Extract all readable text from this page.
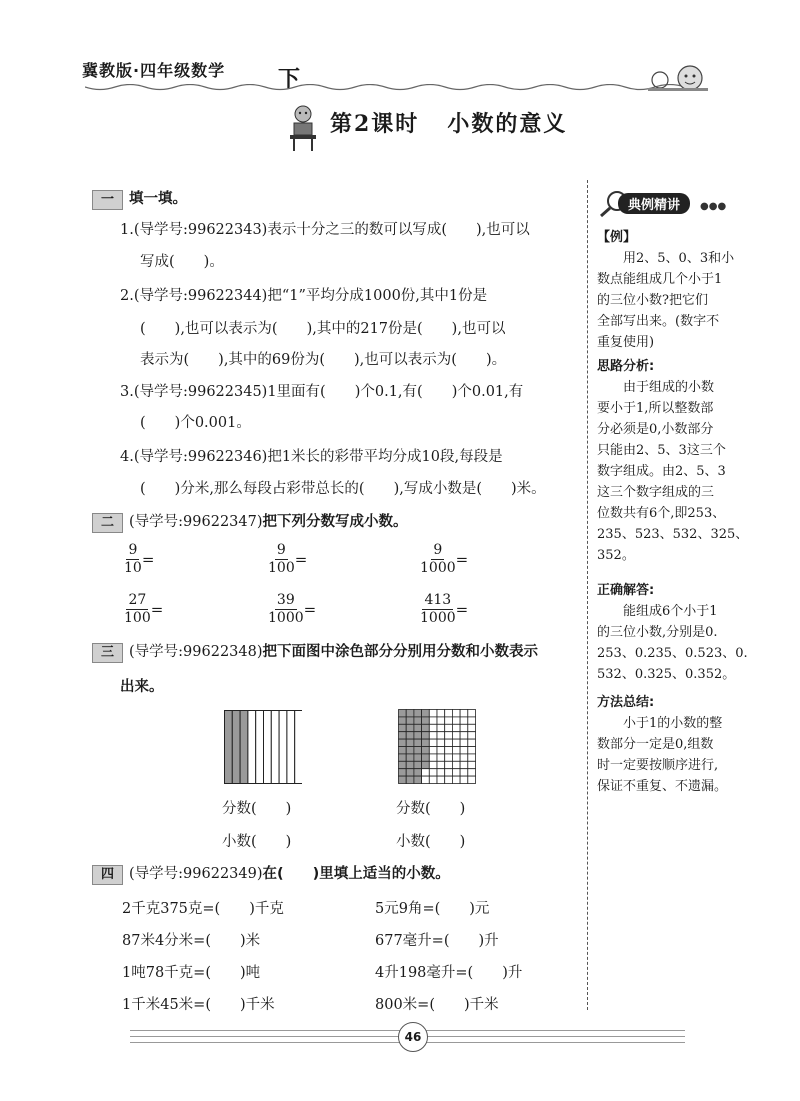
冀教版·四年级数学 下
第2课时 小数的意义
一 填一填。
1.(导学号:99622343)表示十分之三的数可以写成(　　),也可以
写成(　　)。
2.(导学号:99622344)把“1”平均分成1000份,其中1份是
(　　),也可以表示为(　　),其中的217份是(　　),也可以
表示为(　　),其中的69份为(　　),也可以表示为(　　)。
3.(导学号:99622345)1里面有(　　)个0.1,有(　　)个0.01,有
(　　)个0.001。
4.(导学号:99622346)把1米长的彩带平均分成10段,每段是
(　　)分米,那么每段占彩带总长的(　　),写成小数是(　　)米。
二 (导学号:99622347)把下列分数写成小数。
$\frac{9}{10}$ =	$\frac{9}{100}$ =	$\frac{9}{1000}$ =
$\frac{27}{100}$ =	$\frac{39}{1000}$ =	$\frac{413}{1000}$ =
三 (导学号:99622348)把下面图中涂色部分分别用分数和小数表示
出来。
分数(　　)
小数(　　)
分数(　　)
小数(　　)
四 (导学号:99622349)在(　　)里填上适当的小数。
2千克375克=(　　)千克	5元9角=(　　)元
87米4分米=(　　)米	677毫升=(　　)升
1吨78千克=(　　)吨	4升198毫升=(　　)升
1千米45米=(　　)千米	800米=(　　)千米
典例精讲	●●●
【例】
用2、5、0、3和小
数点能组成几个小于1
的三位小数?把它们
全部写出来。(数字不
重复使用)
思路分析:
由于组成的小数
要小于1,所以整数部
分必须是0,小数部分
只能由2、5、3这三个
数字组成。由2、5、3
这三个数字组成的三
位数共有6个,即253、
235、523、532、325、
352。
正确解答:
能组成6个小于1
的三位小数,分别是0.
253、0.235、0.523、0.
532、0.325、0.352。
方法总结:
小于1的小数的整
数部分一定是0,组数
时一定要按顺序进行,
保证不重复、不遗漏。
46
